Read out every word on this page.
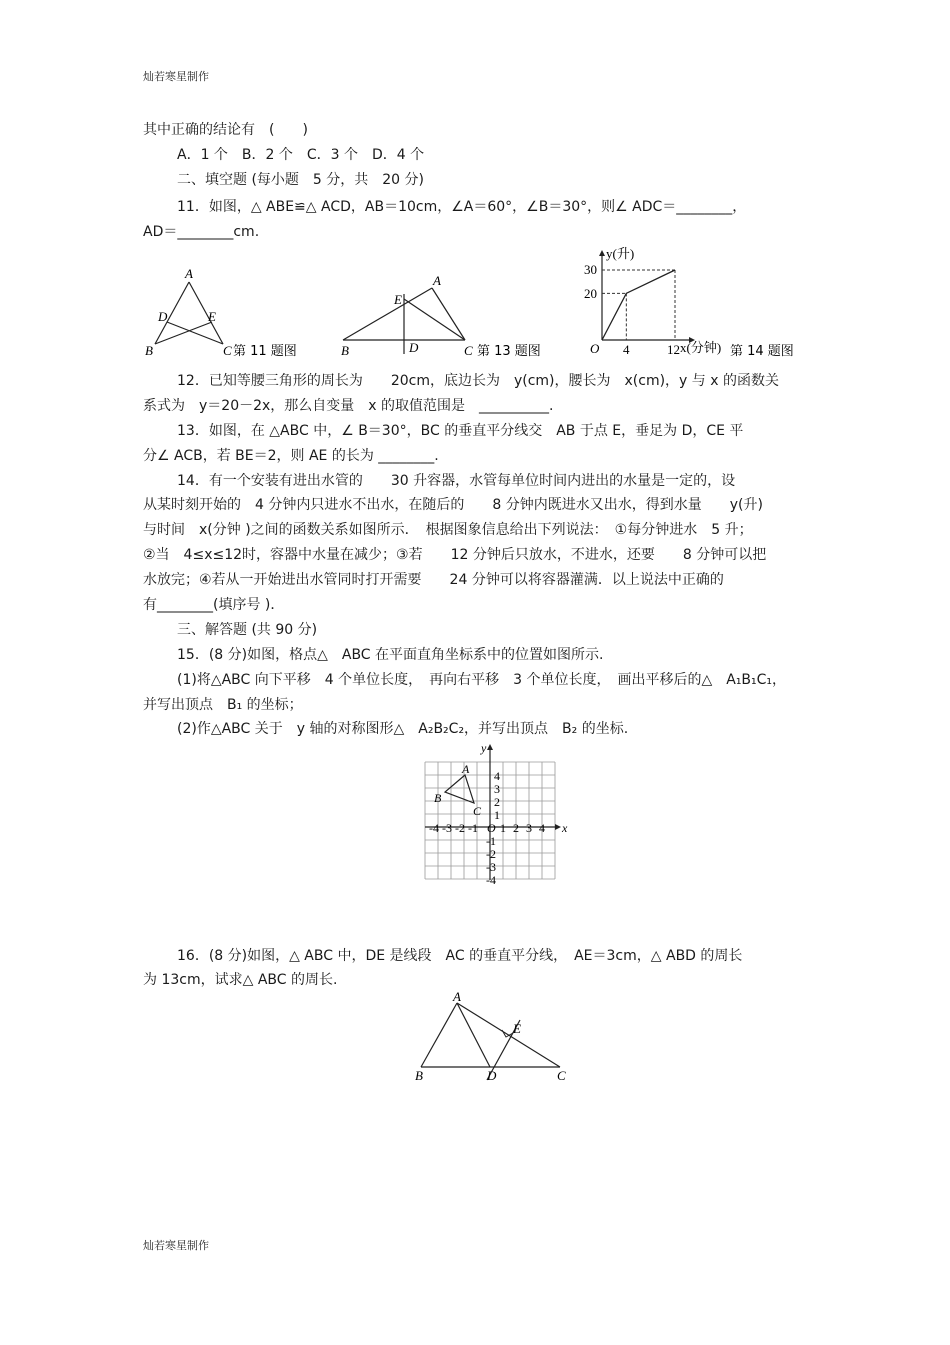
灿若寒星制作
其中正确的结论有　(　　)
A．1 个　B．2 个　C．3 个　D．4 个
二、填空题 (每小题　5 分，共　20 分)
11．如图，△ ABE≌△ ACD，AB＝10cm，∠A＝60°，∠B＝30°，则∠ ADC＝________，
AD＝________cm.
A
B	C
D	E
第 11 题图
A
B	C
D
E
第 13 题图
y(升)
x(分钟)
O
20
30
4	12	第 14 题图
12．已知等腰三角形的周长为　　20cm，底边长为　y(cm)，腰长为　x(cm)，y 与 x 的函数关
系式为　y＝20－2x，那么自变量　x 的取值范围是　__________.
13．如图，在 △ABC 中，∠ B＝30°，BC 的垂直平分线交　AB 于点 E，垂足为 D，CE 平
分∠ ACB，若 BE＝2，则 AE 的长为 ________.
14．有一个安装有进出水管的　　30 升容器，水管每单位时间内进出的水量是一定的，设
从某时刻开始的　4 分钟内只进水不出水，在随后的　　8 分钟内既进水又出水，得到水量　　y(升)
与时间　x(分钟 )之间的函数关系如图所示．　根据图象信息给出下列说法：　①每分钟进水　5 升；
②当　4≤x≤12时，容器中水量在减少；③若　　12 分钟后只放水，不进水，还要　　8 分钟可以把
水放完；④若从一开始进出水管同时打开需要　　24 分钟可以将容器灌满．以上说法中正确的
有________(填序号 )．
三、解答题 (共 90 分)
15．(8 分)如图，格点△　ABC 在平面直角坐标系中的位置如图所示.
(1)将△ABC 向下平移　4 个单位长度，　再向右平移　3 个单位长度，　画出平移后的△　A₁B₁C₁，
并写出顶点　B₁ 的坐标；
(2)作△ABC 关于　y 轴的对称图形△　A₂B₂C₂，并写出顶点　B₂ 的坐标.
x
y
-4 -3 -2 -1 O 1 2 3 4
4
3
2
1
-1
-2
-3
-4
A
B
C
16．(8 分)如图，△ ABC 中，DE 是线段　AC 的垂直平分线，　AE＝3cm，△ ABD 的周长
为 13cm，试求△ ABC 的周长.
A
B	C
D
E
灿若寒星制作
